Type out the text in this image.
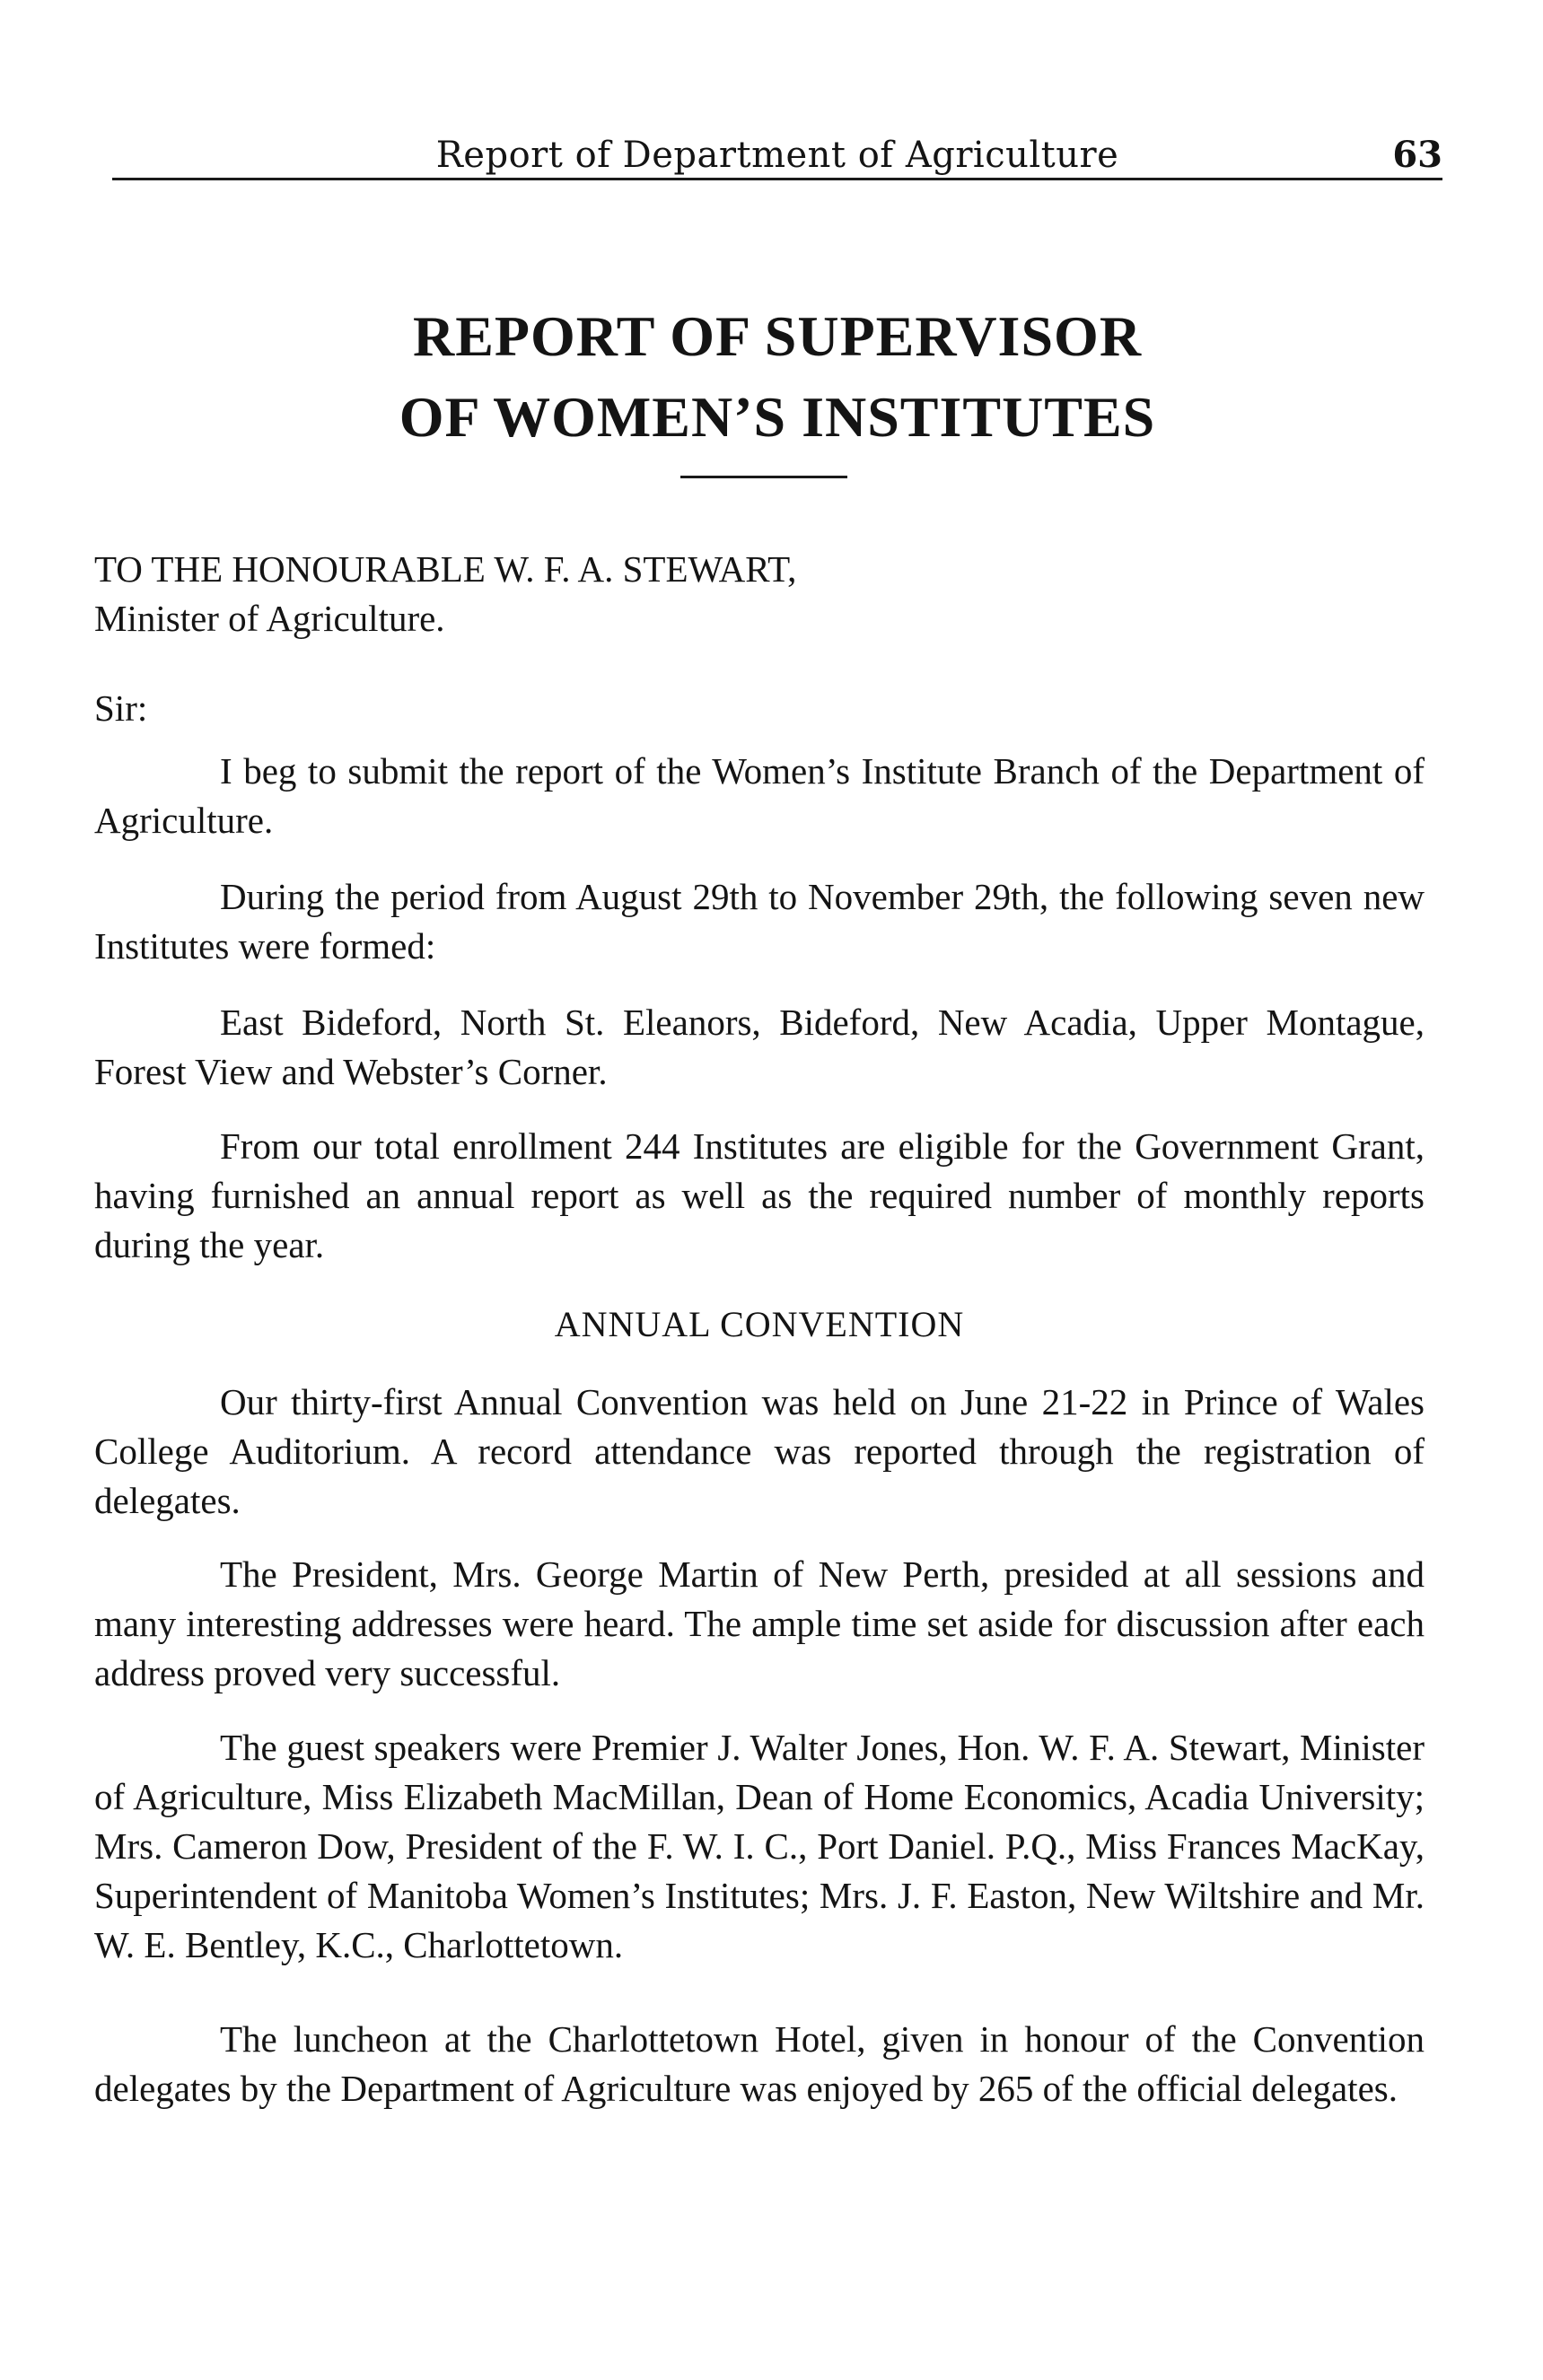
Report of Department of Agriculture	63
REPORT OF SUPERVISOR
OF WOMEN’S INSTITUTES
TO THE HONOURABLE W. F. A. STEWART,
Minister of Agriculture.
Sir:
I beg to submit the report of the Women’s Institute Branch of the Department of Agriculture.
During the period from August 29th to November 29th, the following seven new Institutes were formed:
East Bideford, North St. Eleanors, Bideford, New Acadia, Upper Montague, Forest View and Webster’s Corner.
From our total enrollment 244 Institutes are eligible for the Government Grant, having furnished an annual report as well as the required number of monthly reports during the year.
ANNUAL CONVENTION
Our thirty-first Annual Convention was held on June 21-22 in Prince of Wales College Auditorium. A record attendance was reported through the registration of delegates.
The President, Mrs. George Martin of New Perth, presided at all sessions and many interesting addresses were heard. The ample time set aside for discussion after each address proved very successful.
The guest speakers were Premier J. Walter Jones, Hon. W. F. A. Stewart, Minister of Agriculture, Miss Elizabeth MacMillan, Dean of Home Economics, Acadia University; Mrs. Cameron Dow, President of the F. W. I. C., Port Daniel. P.Q., Miss Frances MacKay, Superintendent of Manitoba Women’s Institutes; Mrs. J. F. Easton, New Wiltshire and Mr. W. E. Bentley, K.C., Charlottetown.
The luncheon at the Charlottetown Hotel, given in honour of the Convention delegates by the Department of Agriculture was enjoyed by 265 of the official delegates.
